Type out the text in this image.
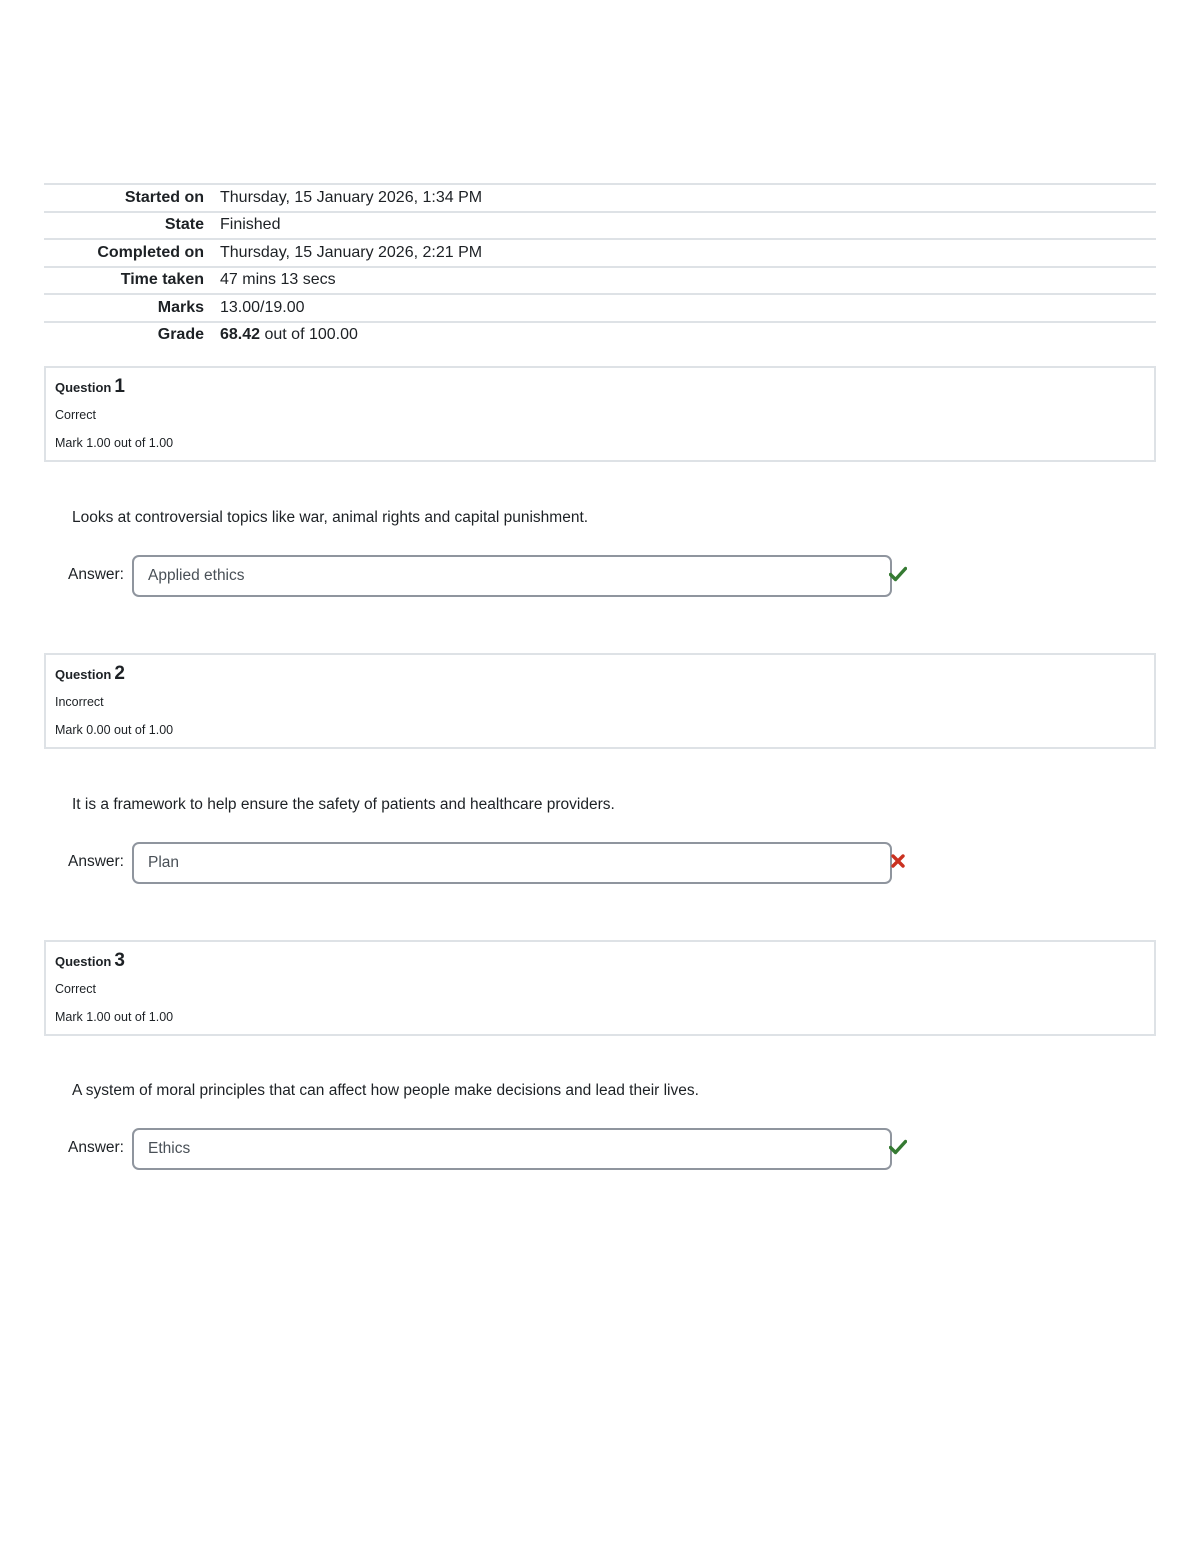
Started on	Thursday, 15 January 2026, 1:34 PM
State	Finished
Completed on	Thursday, 15 January 2026, 2:21 PM
Time taken	47 mins 13 secs
Marks	13.00/19.00
Grade	68.42 out of 100.00
Question 1
Correct
Mark 1.00 out of 1.00
Looks at controversial topics like war, animal rights and capital punishment.
Answer:
Applied ethics
Question 2
Incorrect
Mark 0.00 out of 1.00
It is a framework to help ensure the safety of patients and healthcare providers.
Answer:
Plan
Question 3
Correct
Mark 1.00 out of 1.00
A system of moral principles that can affect how people make decisions and lead their lives.
Answer:
Ethics
